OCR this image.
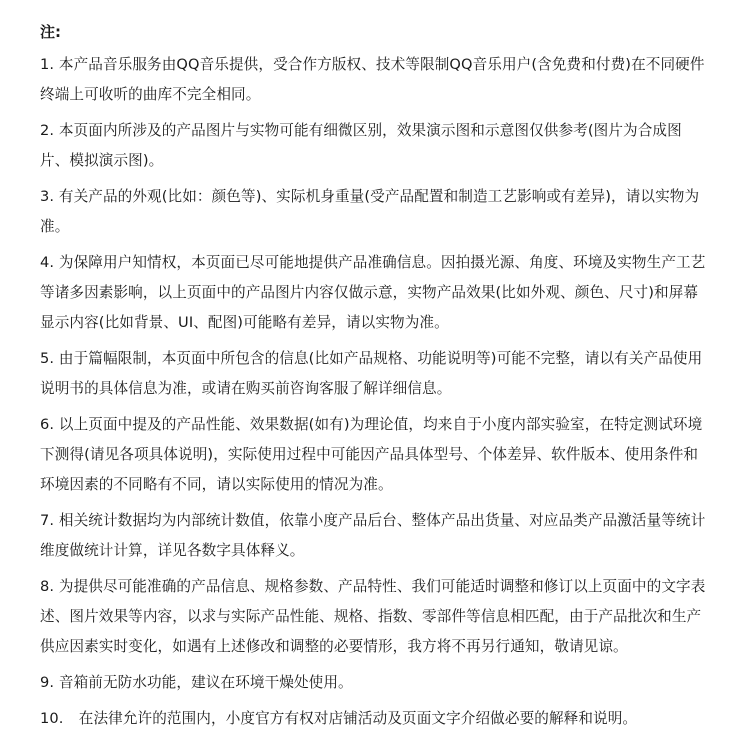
注:
1. 本产品音乐服务由QQ音乐提供，受合作方版权、技术等限制QQ音乐用户(含免费和付费)在不同硬件终端上可收听的曲库不完全相同。
2. 本页面内所涉及的产品图片与实物可能有细微区别，效果演示图和示意图仅供参考(图片为合成图片、模拟演示图)。
3. 有关产品的外观(比如：颜色等)、实际机身重量(受产品配置和制造工艺影响或有差异)，请以实物为准。
4. 为保障用户知情权，本页面已尽可能地提供产品准确信息。因拍摄光源、角度、环境及实物生产工艺等诸多因素影响，以上页面中的产品图片内容仅做示意，实物产品效果(比如外观、颜色、尺寸)和屏幕显示内容(比如背景、UI、配图)可能略有差异，请以实物为准。
5. 由于篇幅限制，本页面中所包含的信息(比如产品规格、功能说明等)可能不完整，请以有关产品使用说明书的具体信息为准，或请在购买前咨询客服了解详细信息。
6. 以上页面中提及的产品性能、效果数据(如有)为理论值，均来自于小度内部实验室，在特定测试环境下测得(请见各项具体说明)，实际使用过程中可能因产品具体型号、个体差异、软件版本、使用条件和环境因素的不同略有不同，请以实际使用的情况为准。
7. 相关统计数据均为内部统计数值，依靠小度产品后台、整体产品出货量、对应品类产品激活量等统计维度做统计计算，详见各数字具体释义。
8. 为提供尽可能准确的产品信息、规格参数、产品特性、我们可能适时调整和修订以上页面中的文字表述、图片效果等内容，以求与实际产品性能、规格、指数、零部件等信息相匹配，由于产品批次和生产供应因素实时变化，如遇有上述修改和调整的必要情形，我方将不再另行通知，敬请见谅。
9. 音箱前无防水功能，建议在环境干燥处使用。
10. 在法律允许的范围内，小度官方有权对店铺活动及页面文字介绍做必要的解释和说明。
